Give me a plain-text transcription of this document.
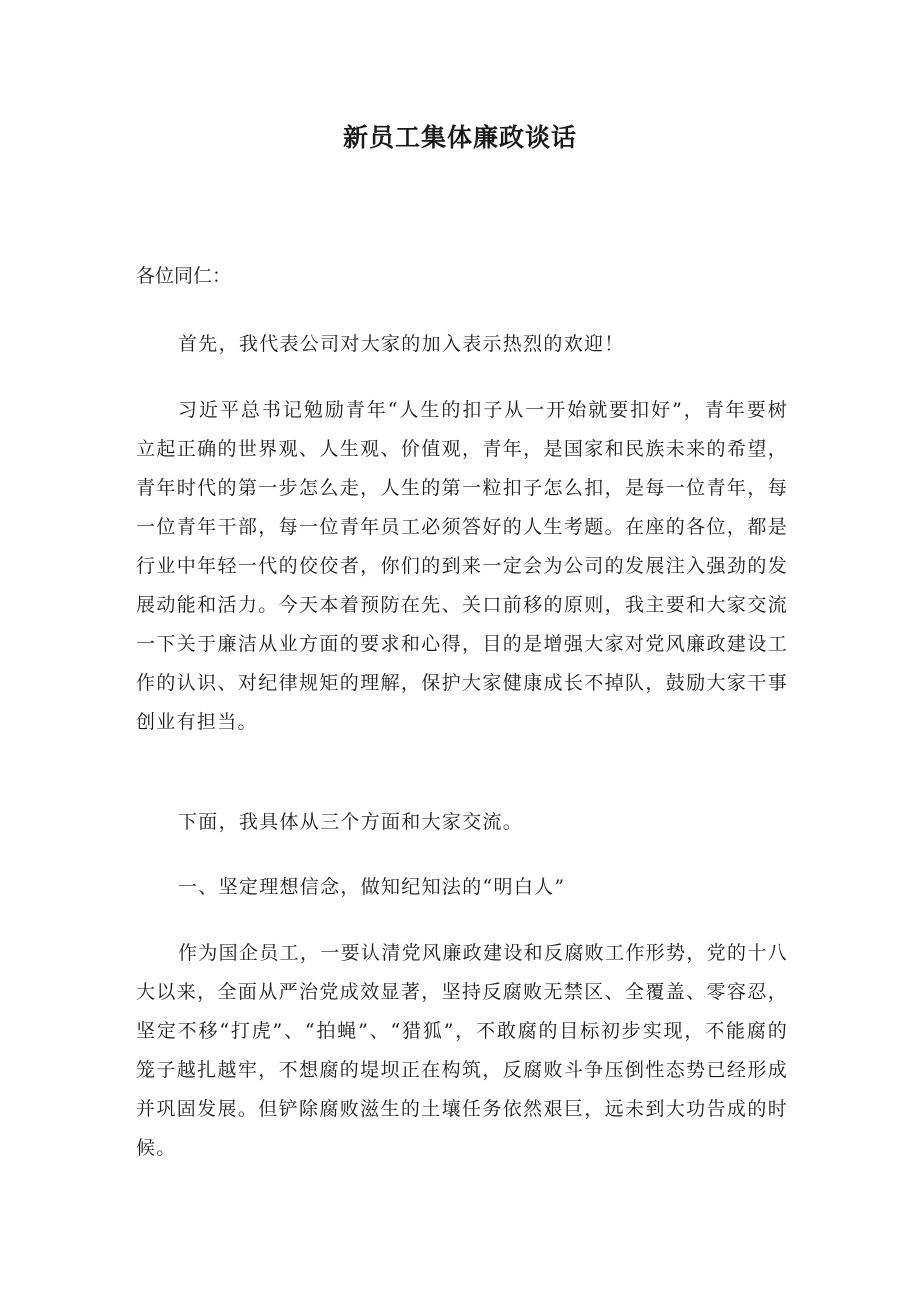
新员工集体廉政谈话

各位同仁：

首先，我代表公司对大家的加入表示热烈的欢迎！

习近平总书记勉励青年“人生的扣子从一开始就要扣好”，青年要树立起正确的世界观、人生观、价值观，青年，是国家和民族未来的希望，青年时代的第一步怎么走，人生的第一粒扣子怎么扣，是每一位青年，每一位青年干部，每一位青年员工必须答好的人生考题。在座的各位，都是行业中年轻一代的佼佼者，你们的到来一定会为公司的发展注入强劲的发展动能和活力。今天本着预防在先、关口前移的原则，我主要和大家交流一下关于廉洁从业方面的要求和心得，目的是增强大家对党风廉政建设工作的认识、对纪律规矩的理解，保护大家健康成长不掉队，鼓励大家干事创业有担当。

下面，我具体从三个方面和大家交流。

一、坚定理想信念，做知纪知法的“明白人”

作为国企员工，一要认清党风廉政建设和反腐败工作形势，党的十八大以来，全面从严治党成效显著，坚持反腐败无禁区、全覆盖、零容忍，坚定不移“打虎”、“拍蝇”、“猎狐”，不敢腐的目标初步实现，不能腐的笼子越扎越牢，不想腐的堤坝正在构筑，反腐败斗争压倒性态势已经形成并巩固发展。但铲除腐败滋生的土壤任务依然艰巨，远未到大功告成的时候。
